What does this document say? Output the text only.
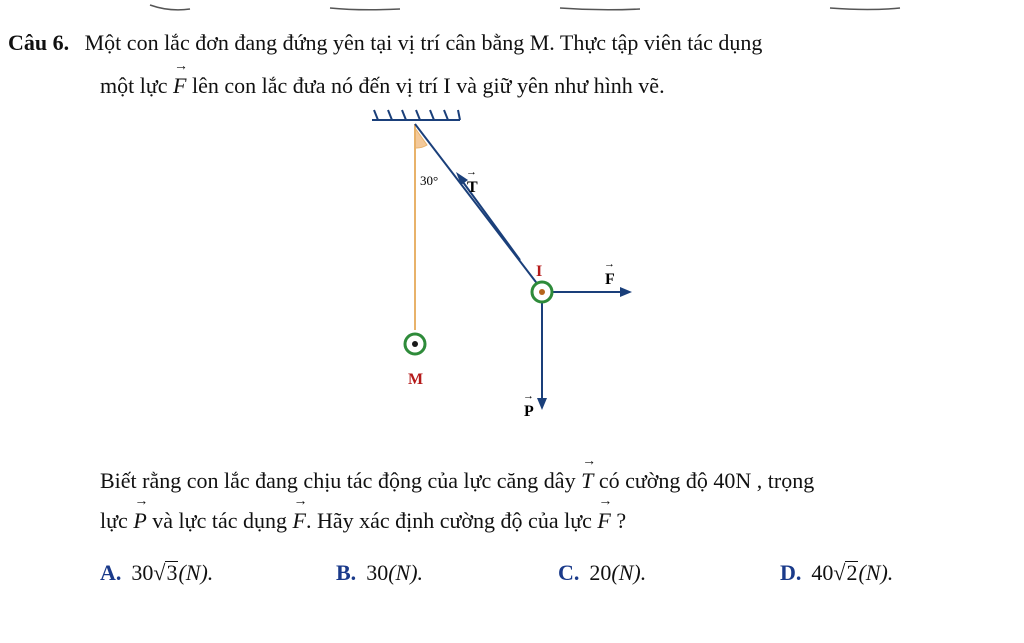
Câu 6. Một con lắc đơn đang đứng yên tại vị trí cân bằng M. Thực tập viên tác dụng
một lực → F lên con lắc đưa nó đến vị trí I và giữ yên như hình vẽ.
30° T
→
I	F
→
M
P
→
Biết rằng con lắc đang chịu tác động của lực căng dây → T có cường độ 40N , trọng
lực → P và lực tác dụng → F. Hãy xác định cường độ của lực → F ?
A. 30√3(N).	B. 30(N).	C. 20(N).	D. 40√2(N).
